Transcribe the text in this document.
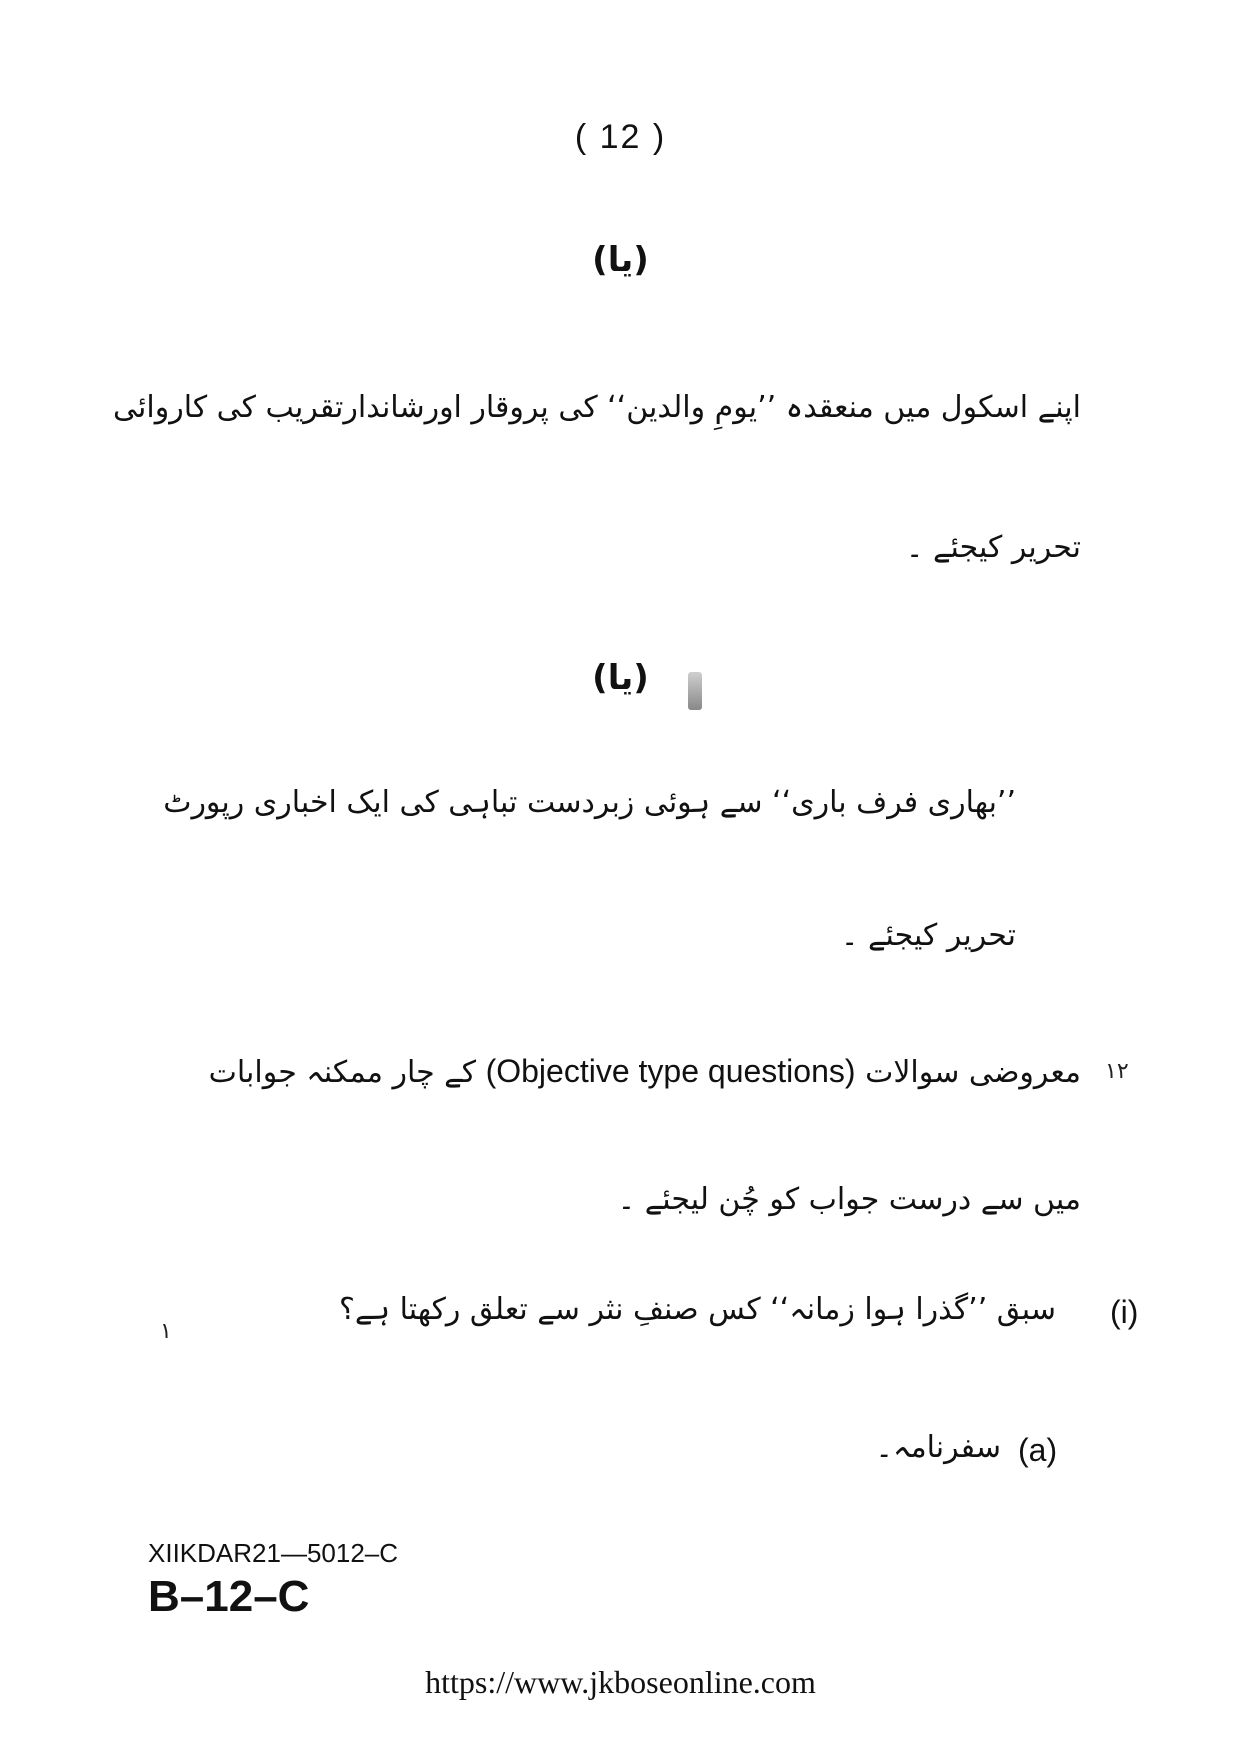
( 12 )
(یا)
اپنے اسکول میں منعقدہ ’’یومِ والدین‘‘ کی پروقار اورشاندارتقریب کی کاروائی
تحریر کیجئے ۔
(یا)
’’بھاری فرف باری‘‘ سے ہوئی زبردست تباہی کی ایک اخباری رپورٹ
تحریر کیجئے ۔
۱۲
معروضی سوالات (Objective type questions) کے چار ممکنہ جوابات
میں سے درست جواب کو چُن لیجئے ۔
(i)
سبق ’’گذرا ہوا زمانہ‘‘ کس صنفِ نثر سے تعلق رکھتا ہے؟
۱
(a)
سفرنامہ۔
XIIKDAR21—5012–C
B–12–C
https://www.jkboseonline.com
